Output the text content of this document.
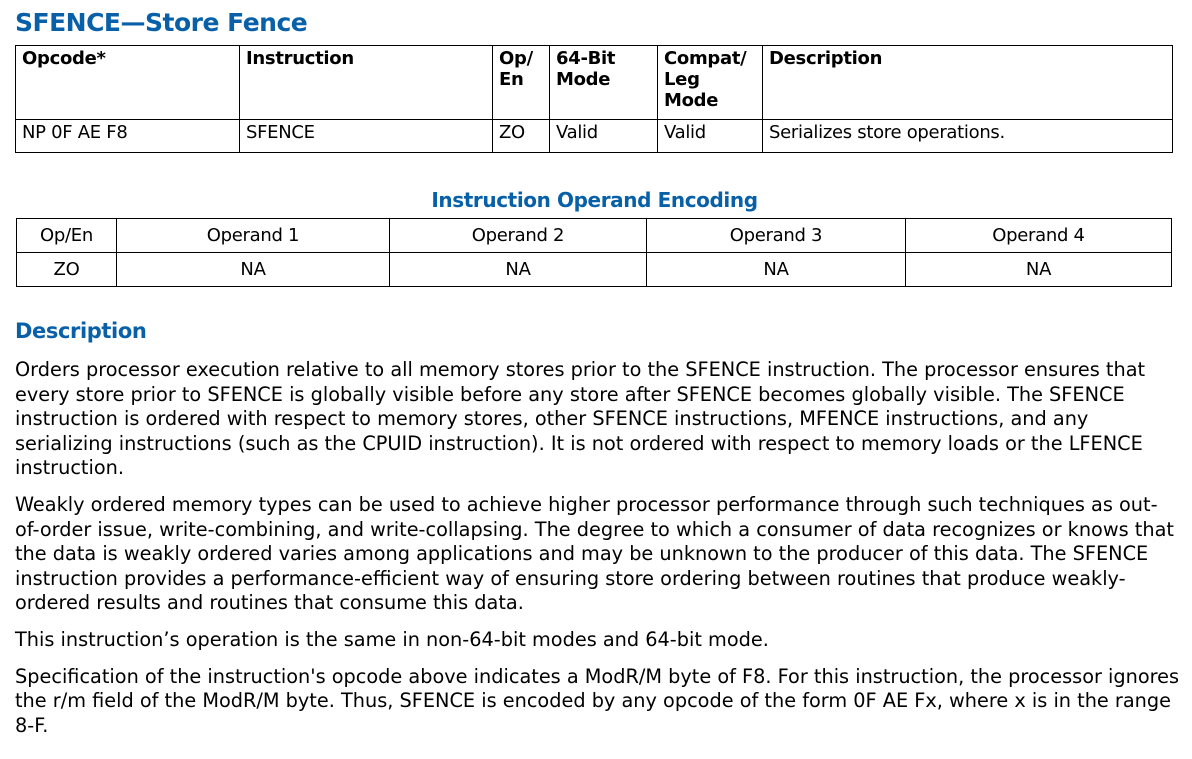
SFENCE—Store Fence
Opcode*	Instruction	Op/ En	64-Bit Mode	Compat/ Leg Mode	Description
NP 0F AE F8	SFENCE	ZO	Valid	Valid	Serializes store operations.
Instruction Operand Encoding
Op/En	Operand 1	Operand 2	Operand 3	Operand 4
ZO	NA	NA	NA	NA
Description

Orders processor execution relative to all memory stores prior to the SFENCE instruction. The processor ensures that every store prior to SFENCE is globally visible before any store after SFENCE becomes globally visible. The SFENCE instruction is ordered with respect to memory stores, other SFENCE instructions, MFENCE instructions, and any serializing instructions (such as the CPUID instruction). It is not ordered with respect to memory loads or the LFENCE instruction.

Weakly ordered memory types can be used to achieve higher processor performance through such techniques as out-of-order issue, write-combining, and write-collapsing. The degree to which a consumer of data recognizes or knows that the data is weakly ordered varies among applications and may be unknown to the producer of this data. The SFENCE instruction provides a performance-efficient way of ensuring store ordering between routines that produce weakly-ordered results and routines that consume this data.

This instruction’s operation is the same in non-64-bit modes and 64-bit mode.

Specification of the instruction's opcode above indicates a ModR/M byte of F8. For this instruction, the processor ignores the r/m field of the ModR/M byte. Thus, SFENCE is encoded by any opcode of the form 0F AE Fx, where x is in the range 8-F.
